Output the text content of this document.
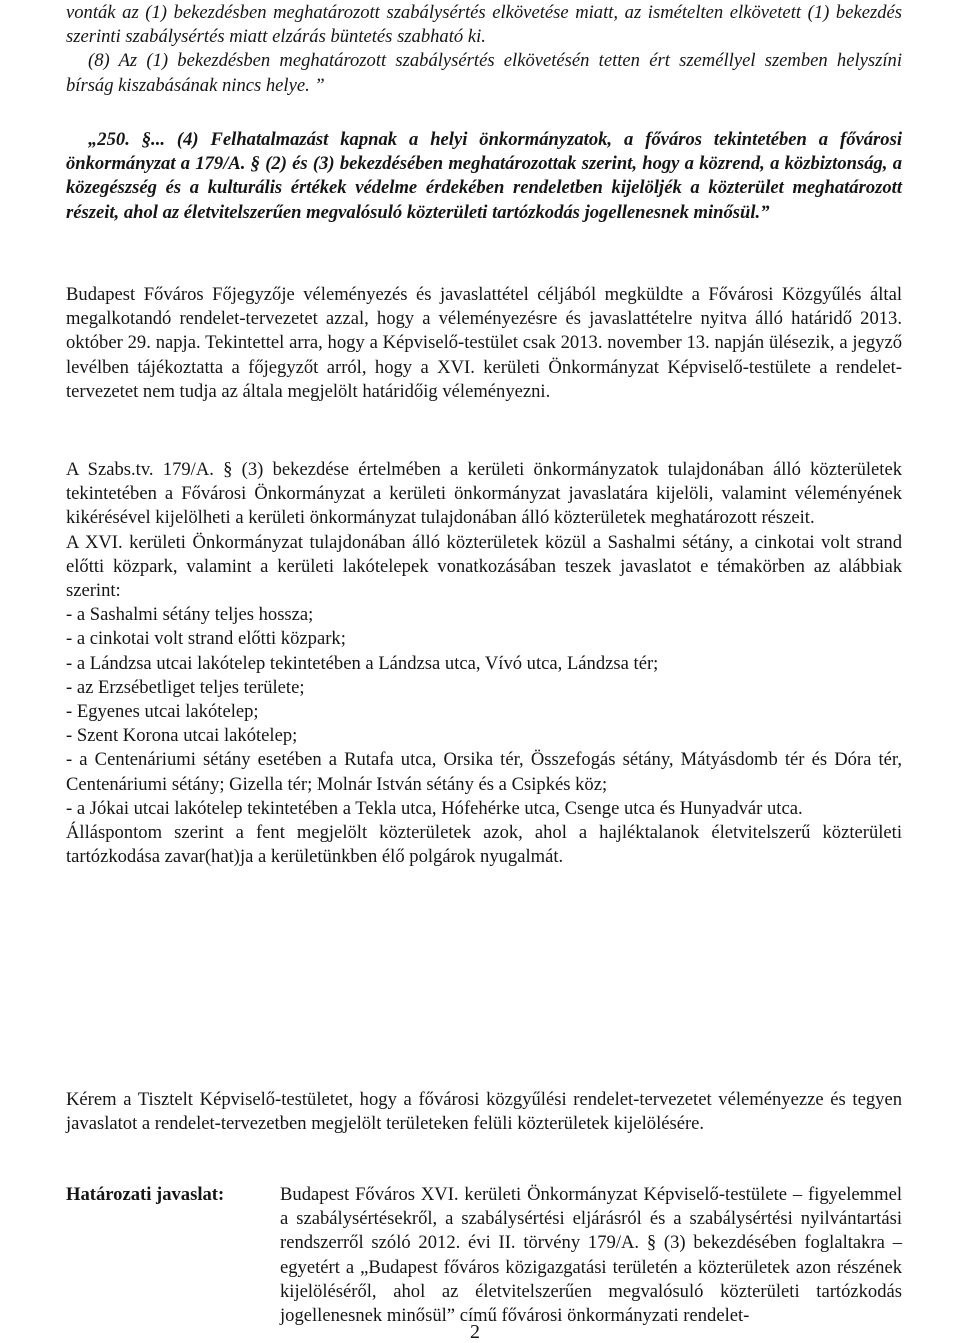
vonták az (1) bekezdésben meghatározott szabálysértés elkövetése miatt, az ismételten elkövetett (1) bekezdés szerinti szabálysértés miatt elzárás büntetés szabható ki.

(8) Az (1) bekezdésben meghatározott szabálysértés elkövetésén tetten ért személlyel szemben helyszíni bírság kiszabásának nincs helye. ”

„250. §... (4) Felhatalmazást kapnak a helyi önkormányzatok, a főváros tekintetében a fővárosi önkormányzat a 179/A. § (2) és (3) bekezdésében meghatározottak szerint, hogy a közrend, a közbiztonság, a közegészség és a kulturális értékek védelme érdekében rendeletben kijelöljék a közterület meghatározott részeit, ahol az életvitelszerűen megvalósuló közterületi tartózkodás jogellenesnek minősül.”

Budapest Főváros Főjegyzője véleményezés és javaslattétel céljából megküldte a Fővárosi Közgyűlés által megalkotandó rendelet-tervezetet azzal, hogy a véleményezésre és javaslattételre nyitva álló határidő 2013. október 29. napja. Tekintettel arra, hogy a Képviselő-testület csak 2013. november 13. napján ülésezik, a jegyző levélben tájékoztatta a főjegyzőt arról, hogy a XVI. kerületi Önkormányzat Képviselő-testülete a rendelet-tervezetet nem tudja az általa megjelölt határidőig véleményezni.

A Szabs.tv. 179/A. § (3) bekezdése értelmében a kerületi önkormányzatok tulajdonában álló közterületek tekintetében a Fővárosi Önkormányzat a kerületi önkormányzat javaslatára kijelöli, valamint véleményének kikérésével kijelölheti a kerületi önkormányzat tulajdonában álló közterületek meghatározott részeit.

A XVI. kerületi Önkormányzat tulajdonában álló közterületek közül a Sashalmi sétány, a cinkotai volt strand előtti közpark, valamint a kerületi lakótelepek vonatkozásában teszek javaslatot e témakörben az alábbiak szerint:

- a Sashalmi sétány teljes hossza;

- a cinkotai volt strand előtti közpark;

- a Lándzsa utcai lakótelep tekintetében a Lándzsa utca, Vívó utca, Lándzsa tér;

- az Erzsébetliget teljes területe;

- Egyenes utcai lakótelep;

- Szent Korona utcai lakótelep;

- a Centenáriumi sétány esetében a Rutafa utca, Orsika tér, Összefogás sétány, Mátyásdomb tér és Dóra tér, Centenáriumi sétány; Gizella tér; Molnár István sétány és a Csipkés köz;

- a Jókai utcai lakótelep tekintetében a Tekla utca, Hófehérke utca, Csenge utca és Hunyadvár utca.

Álláspontom szerint a fent megjelölt közterületek azok, ahol a hajléktalanok életvitelszerű közterületi tartózkodása zavar(hat)ja a kerületünkben élő polgárok nyugalmát.

Kérem a Tisztelt Képviselő-testületet, hogy a fővárosi közgyűlési rendelet-tervezetet véleményezze és tegyen javaslatot a rendelet-tervezetben megjelölt területeken felüli közterületek kijelölésére.

Határozati javaslat:	Budapest Főváros XVI. kerületi Önkormányzat Képviselő-testülete – figyelemmel a szabálysértésekről, a szabálysértési eljárásról és a szabálysértési nyilvántartási rendszerről szóló 2012. évi II. törvény 179/A. § (3) bekezdésében foglaltakra – egyetért a „Budapest főváros közigazgatási területén a közterületek azon részének kijelöléséről, ahol az életvitelszerűen megvalósuló közterületi tartózkodás jogellenesnek minősül” című fővárosi önkormányzati rendelet-

2
